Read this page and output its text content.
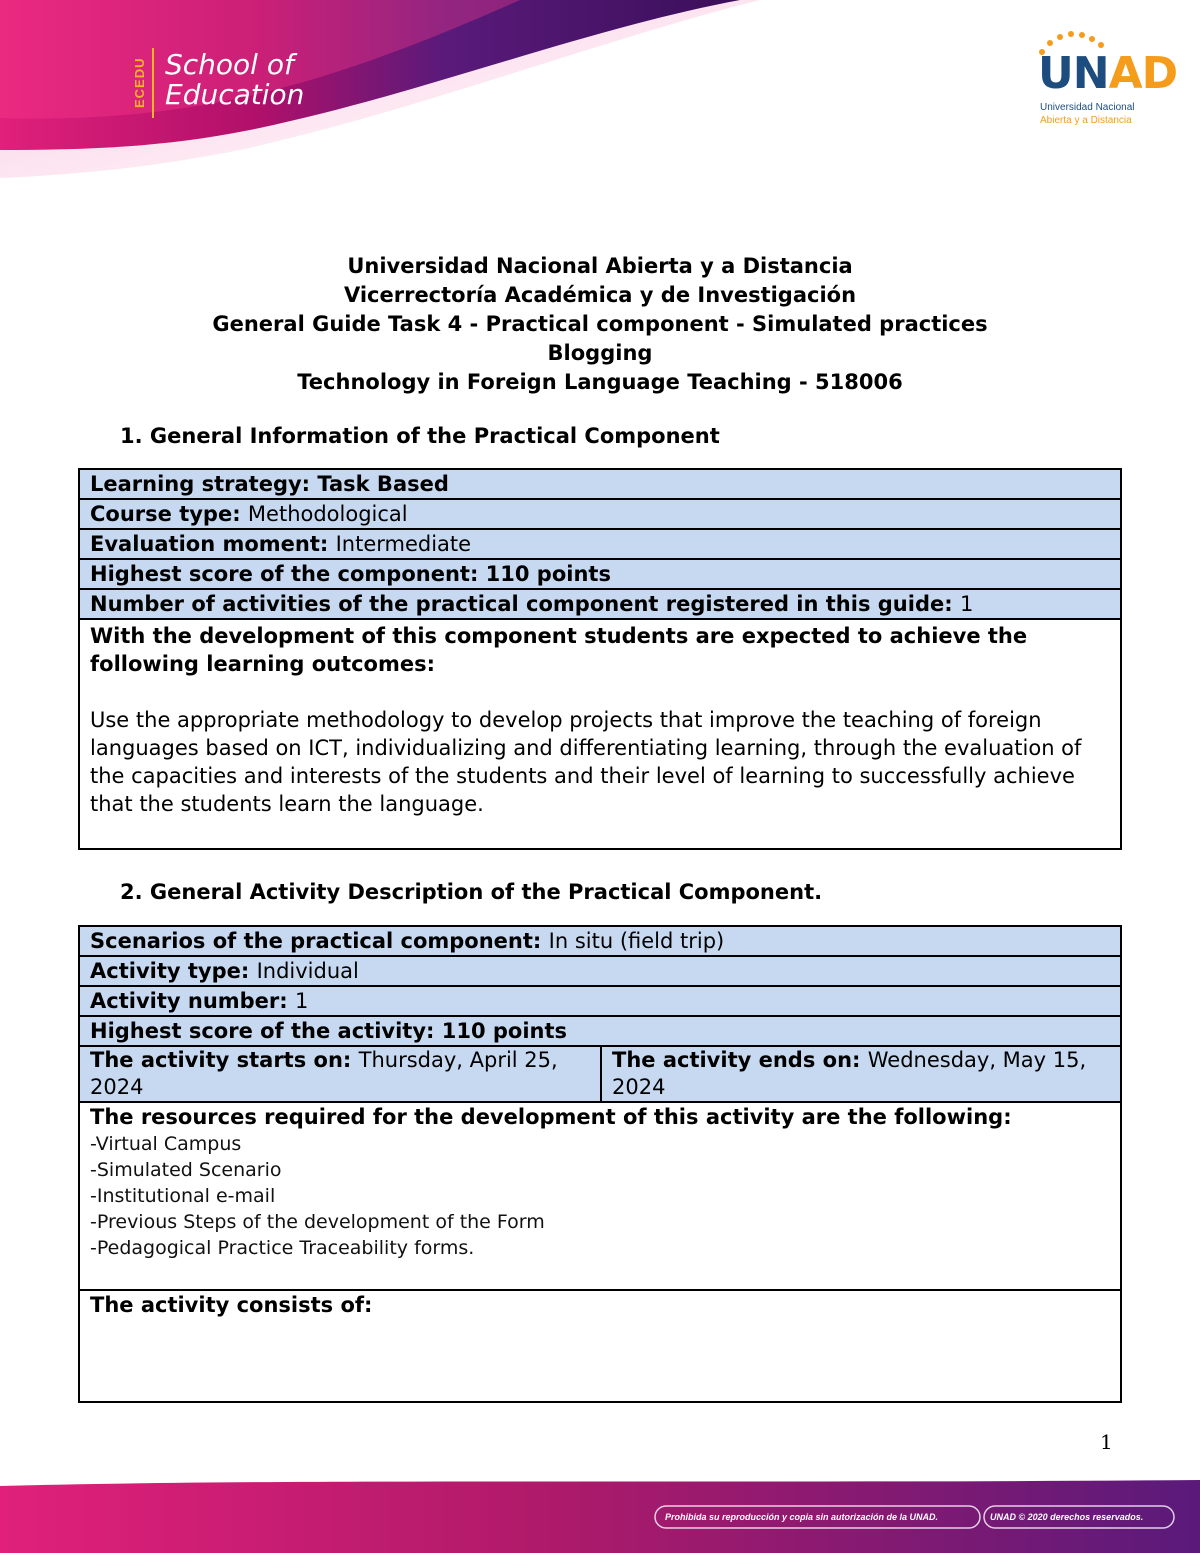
ECEDU School of
Education	UNAD
Universidad Nacional
Abierta y a Distancia
Universidad Nacional Abierta y a Distancia
Vicerrectoría Académica y de Investigación
General Guide Task 4 - Practical component - Simulated practices
Blogging
Technology in Foreign Language Teaching - 518006
1. General Information of the Practical Component
Learning strategy: Task Based
Course type: Methodological
Evaluation moment: Intermediate
Highest score of the component: 110 points
Number of activities of the practical component registered in this guide: 1

With the development of this component students are expected to achieve the following learning outcomes:
Use the appropriate methodology to develop projects that improve the teaching of foreign languages based on ICT, individualizing and differentiating learning, through the evaluation of the capacities and interests of the students and their level of learning to successfully achieve that the students learn the language.
2. General Activity Description of the Practical Component.
Scenarios of the practical component: In situ (field trip)
Activity type: Individual
Activity number: 1
Highest score of the activity: 110 points
The activity starts on: Thursday, April 25, 2024	The activity ends on: Wednesday, May 15, 2024

The resources required for the development of this activity are the following:
-Virtual Campus
-Simulated Scenario
-Institutional e-mail
-Previous Steps of the development of the Form
-Pedagogical Practice Traceability forms.

The activity consists of:
1
Prohibida su reproducción y copia sin autorización de la UNAD.	UNAD © 2020 derechos reservados.
